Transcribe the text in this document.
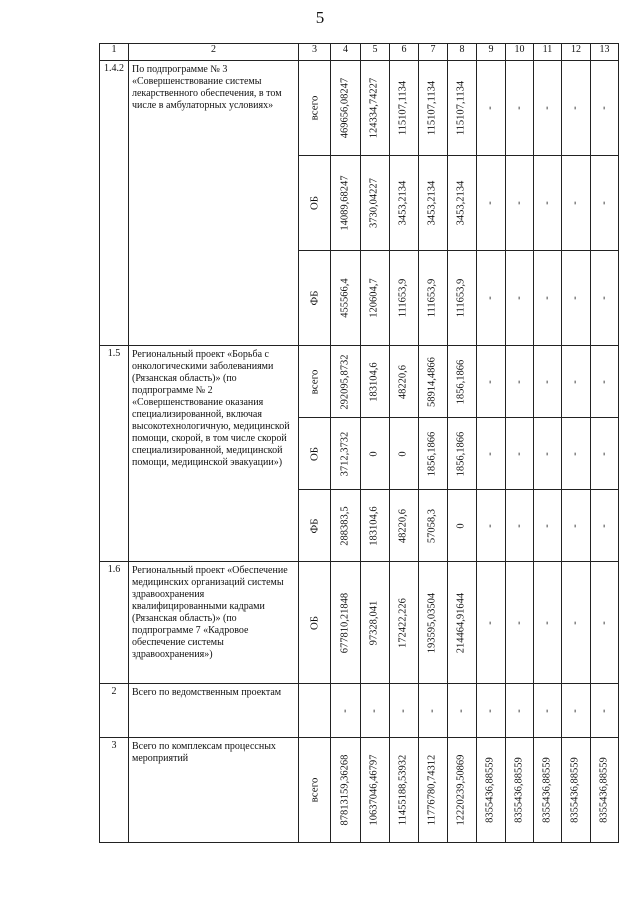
5
1	2	3	4	5	6	7	8	9	10	11	12	13
1.4.2	По подпрограмме № 3 «Совершенствование системы лекарственного обеспечения, в том числе в амбулаторных условиях»	всего	469656,08247	124334,74227	115107,1134	115107,1134	115107,1134	-	-	-	-	-

		ОБ	14089,68247	3730,04227	3453,2134	3453,2134	3453,2134	-	-	-	-	-

		ФБ	455566,4	120604,7	111653,9	111653,9	111653,9	-	-	-	-	-

1.5	Региональный проект «Борьба с онкологическими заболеваниями (Рязанская область)» (по подпрограмме № 2 «Совершенствование оказания специализированной, включая высокотехнологичную, медицинской помощи, скорой, в том числе скорой специализированной, медицинской помощи, медицинской эвакуации»)	всего	292095,8732	183104,6	48220,6	58914,4866	1856,1866	-	-	-	-	-

		ОБ	3712,3732	0	0	1856,1866	1856,1866	-	-	-	-	-

		ФБ	288383,5	183104,6	48220,6	57058,3	0	-	-	-	-	-

1.6	Региональный проект «Обеспечение медицинских организаций системы здравоохранения квалифицированными кадрами (Рязанская область)» (по подпрограмме 7 «Кадровое обеспечение системы здравоохранения»)	ОБ	677810,21848	97328,041	172422,226	193595,03504	214464,91644	-	-	-	-	-

2	Всего по ведомственным проектам		-	-	-	-	-	-	-	-	-	-

3	Всего по комплексам процессных мероприятий	всего	87813159,36268	10637046,46797	11455188,53932	11776780,74312	12220239,50869	8355436,88559	8355436,88559	8355436,88559	8355436,88559	8355436,88559
